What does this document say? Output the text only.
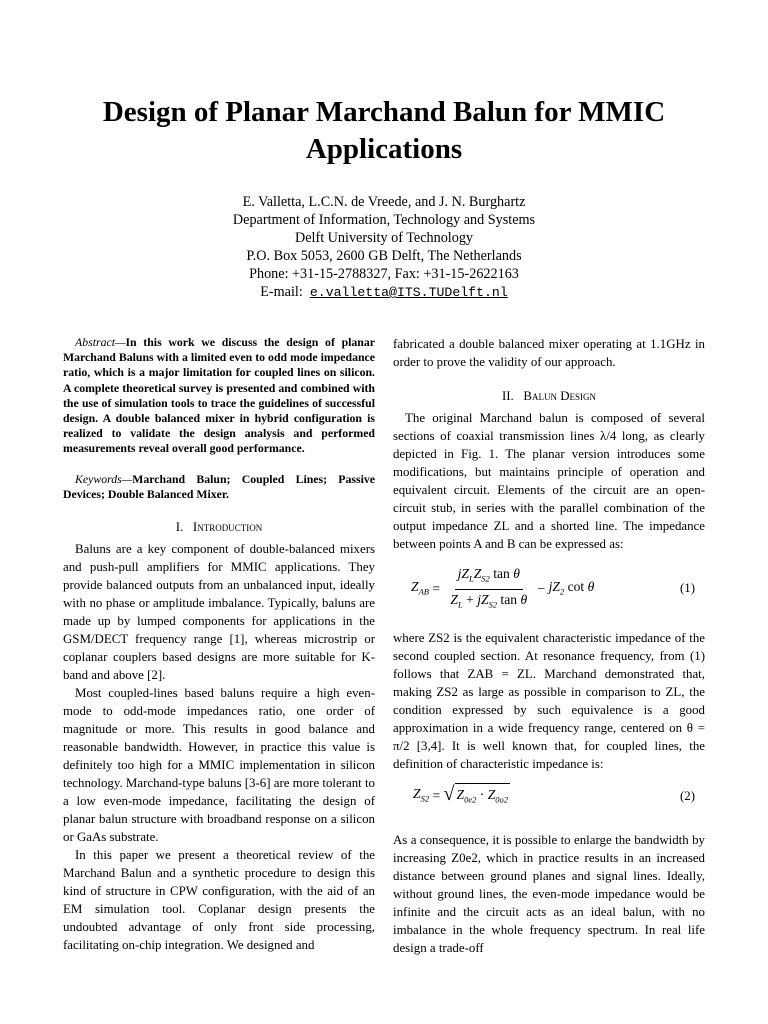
Design of Planar Marchand Balun for MMIC
Applications
E. Valletta, L.C.N. de Vreede, and J. N. Burghartz
Department of Information, Technology and Systems
Delft University of Technology
P.O. Box 5053, 2600 GB Delft, The Netherlands
Phone: +31-15-2788327, Fax: +31-15-2622163
E-mail: e.valletta@ITS.TUDelft.nl

Abstract—In this work we discuss the design of planar Marchand Baluns with a limited even to odd mode impedance ratio, which is a major limitation for coupled lines on silicon. A complete theoretical survey is presented and combined with the use of simulation tools to trace the guidelines of successful design. A double balanced mixer in hybrid configuration is realized to validate the design analysis and performed measurements reveal overall good performance.

Keywords—Marchand Balun; Coupled Lines; Passive Devices; Double Balanced Mixer.

I.   Introduction

Baluns are a key component of double-balanced mixers and push-pull amplifiers for MMIC applications. They provide balanced outputs from an unbalanced input, ideally with no phase or amplitude imbalance. Typically, baluns are made up by lumped components for applications in the GSM/DECT frequency range [1], whereas microstrip or coplanar couplers based designs are more suitable for K-band and above [2].

Most coupled-lines based baluns require a high even-mode to odd-mode impedances ratio, one order of magnitude or more. This results in good balance and reasonable bandwidth. However, in practice this value is definitely too high for a MMIC implementation in silicon technology. Marchand-type baluns [3-6] are more tolerant to a low even-mode impedance, facilitating the design of planar balun structure with broadband response on a silicon or GaAs substrate.

In this paper we present a theoretical review of the Marchand Balun and a synthetic procedure to design this kind of structure in CPW configuration, with the aid of an EM simulation tool. Coplanar design presents the undoubted advantage of only front side processing, facilitating on-chip integration. We designed and

fabricated a double balanced mixer operating at 1.1GHz in order to prove the validity of our approach.

II.   Balun Design

The original Marchand balun is composed of several sections of coaxial transmission lines λ/4 long, as clearly depicted in Fig. 1. The planar version introduces some modifications, but maintains principle of operation and equivalent circuit. Elements of the circuit are an open-circuit stub, in series with the parallel combination of the output impedance ZL and a shorted line. The impedance between points A and B can be expressed as:

$Z_{AB} = \frac{jZ_LZ_{S2} \tan \theta}{Z_L + jZ_{S2} \tan \theta} - jZ_2$ cot θ	(1)

where ZS2 is the equivalent characteristic impedance of the second coupled section. At resonance frequency, from (1) follows that ZAB = ZL. Marchand demonstrated that, making ZS2 as large as possible in comparison to ZL, the condition expressed by such equivalence is a good approximation in a wide frequency range, centered on θ = π/2 [3,4]. It is well known that, for coupled lines, the definition of characteristic impedance is:

$Z_{S2}$ = √ $Z_{0e2} \cdot Z_{0o2}$	(2)

As a consequence, it is possible to enlarge the bandwidth by increasing Z0e2, which in practice results in an increased distance between ground planes and signal lines. Ideally, without ground lines, the even-mode impedance would be infinite and the circuit acts as an ideal balun, with no imbalance in the whole frequency spectrum. In real life design a trade-off
